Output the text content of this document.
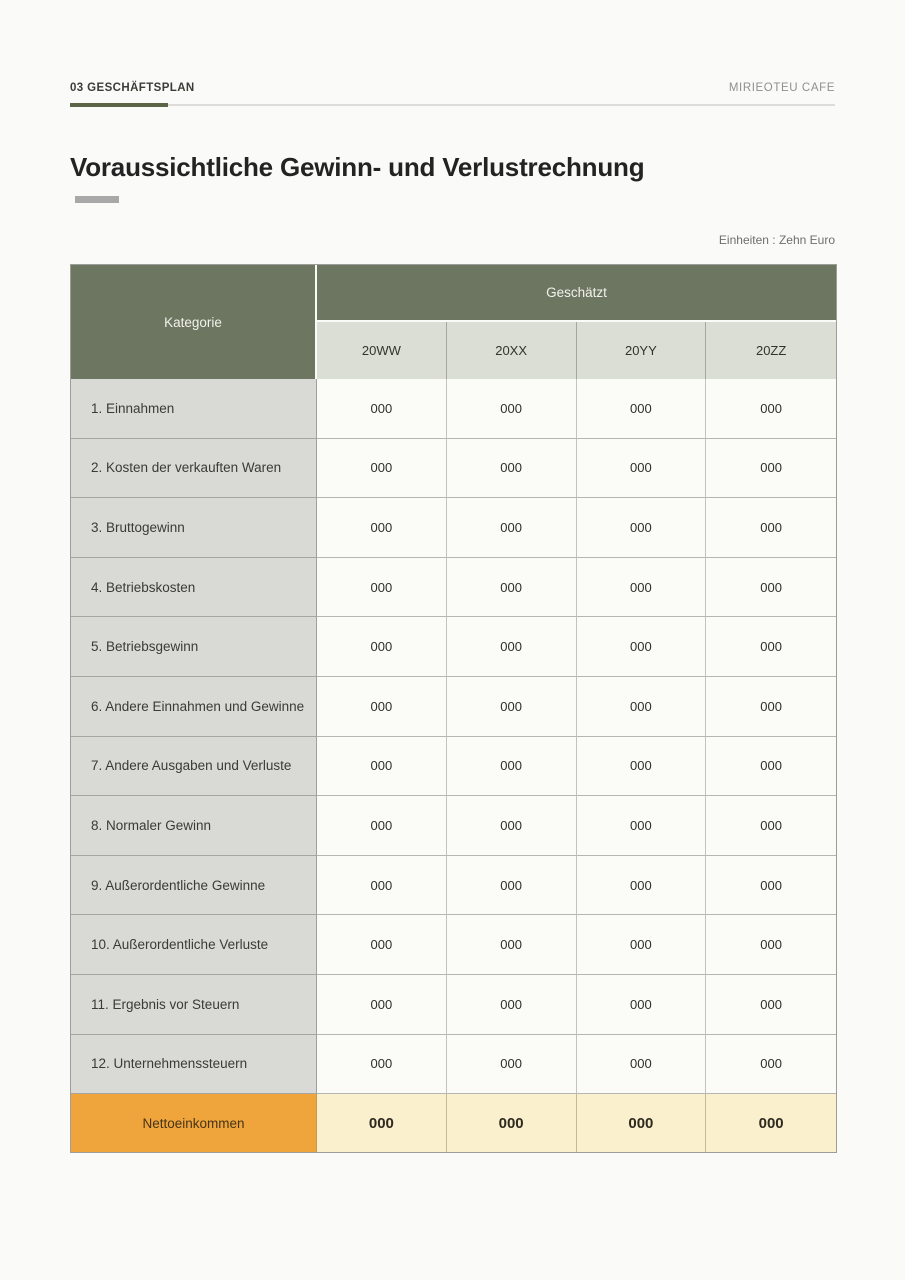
03 GESCHÄFTSPLAN	MIRIEOTEU CAFE
Voraussichtliche Gewinn- und Verlustrechnung
Einheiten : Zehn Euro
Kategorie	Geschätzt			
	20WW	20XX	20YY	20ZZ
1. Einnahmen	000	000	000	000
2. Kosten der verkauften Waren	000	000	000	000
3. Bruttogewinn	000	000	000	000
4. Betriebskosten	000	000	000	000
5. Betriebsgewinn	000	000	000	000
6. Andere Einnahmen und Gewinne	000	000	000	000
7. Andere Ausgaben und Verluste	000	000	000	000
8. Normaler Gewinn	000	000	000	000
9. Außerordentliche Gewinne	000	000	000	000
10. Außerordentliche Verluste	000	000	000	000
11. Ergebnis vor Steuern	000	000	000	000
12. Unternehmenssteuern	000	000	000	000
Nettoeinkommen	000	000	000	000
